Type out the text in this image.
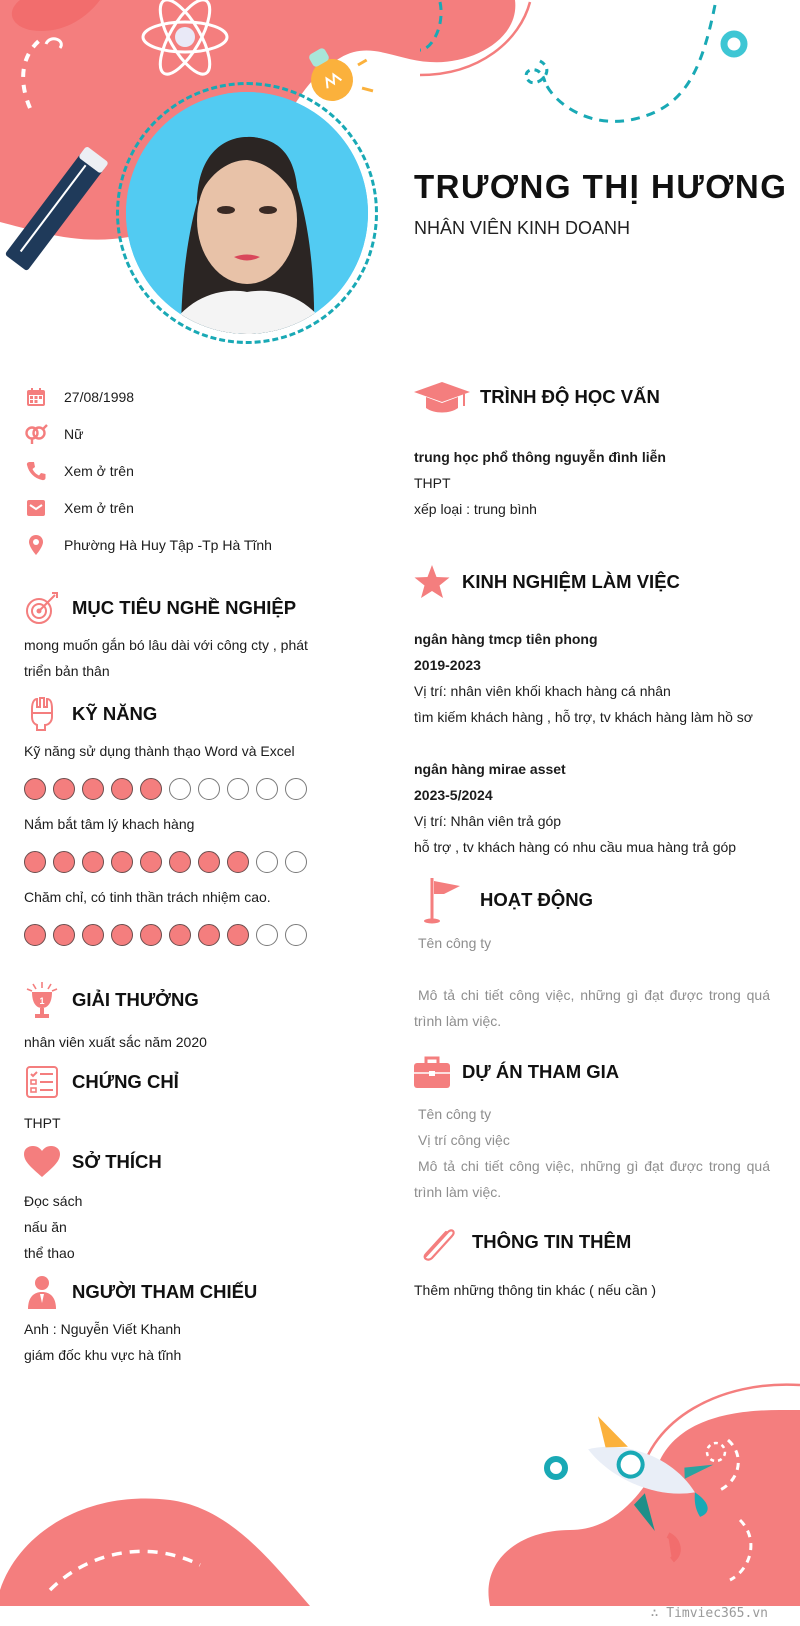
TRƯƠNG THỊ HƯƠNG
NHÂN VIÊN KINH DOANH
27/08/1998
Nữ
Xem ở trên
Xem ở trên
Phường Hà Huy Tập -Tp Hà Tĩnh
MỤC TIÊU NGHỀ NGHIỆP
mong muốn gắn bó lâu dài với công cty , phát
triển bản thân
KỸ NĂNG
Kỹ năng sử dụng thành thạo Word và Excel
Nắm bắt tâm lý khach hàng
Chăm chỉ, có tinh thần trách nhiệm cao.
1 GIẢI THƯỞNG
nhân viên xuất sắc năm 2020
CHỨNG CHỈ
THPT
SỞ THÍCH
Đọc sách
nấu ăn
thể thao
NGƯỜI THAM CHIẾU
Anh : Nguyễn Viết Khanh
giám đốc khu vực hà tĩnh
TRÌNH ĐỘ HỌC VẤN
trung học phổ thông nguyễn đình liễn
THPT
xếp loại : trung bình
KINH NGHIỆM LÀM VIỆC
ngân hàng tmcp tiên phong
2019-2023
Vị trí: nhân viên khối khach hàng cá nhân
tìm kiếm khách hàng , hỗ trợ, tv khách hàng làm hồ sơ
ngân hàng mirae asset
2023-5/2024
Vị trí: Nhân viên trả góp
hỗ trợ , tv khách hàng có nhu cầu mua hàng trả góp
HOẠT ĐỘNG
Tên công ty
Mô tả chi tiết công việc, những gì đạt được trong quá
trình làm việc.
DỰ ÁN THAM GIA
Tên công ty
Vị trí công việc
Mô tả chi tiết công việc, những gì đạt được trong quá
trình làm việc.
THÔNG TIN THÊM
Thêm những thông tin khác ( nếu cần )
∴ Timviec365.vn
